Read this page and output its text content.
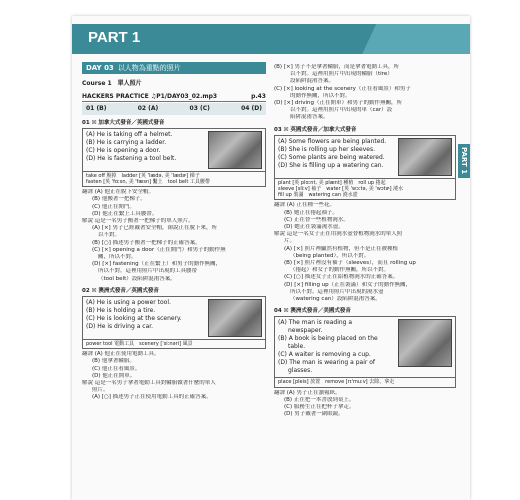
PART 1
PART 1
DAY 03 以人物為重點的照片
Course 1　單人照片
HACKERS PRACTICE ♫P1/DAY03_02.mp3	p.43
01 (B)	02 (A)	03 (C)	04 (D)
01 ☒ 加拿大式發音／英國式發音
(A) He is taking off a helmet.
(B) He is carrying a ladder.
(C) He is opening a door.
(D) He is fastening a tool belt.
take off 脫掉　ladder [英 'lædə, 美 'lædɚ] 梯子
fasten [英 'fɑːsn, 美 'fæsn] 繫上　tool belt 工具腰帶
翻譯 (A) 他正在脫下安全帽。
(B) 他搬著一把梯子。
(C) 他正在開門。
(D) 他正在繫上工具腰帶。
解說 這是一名男子搬著一把梯子的單人照片。
(A) [×] 男子已經戴著安全帽，卻說正在脫下來，所
以不對。
(B) [○] 描述男子搬著一把梯子的正確答案。
(C) [×] opening a door（正在開門）和男子的動作無
關，所以不對。
(D) [×] fastening（正在繫上）和男子的動作無關，
所以不對。這裡用照片中出現的工具腰帶
（tool belt）設陷阱混淆答案。
02 ☒ 澳洲式發音／英國式發音
(A) He is using a power tool.
(B) He is holding a tire.
(C) He is looking at the scenery.
(D) He is driving a car.
power tool 電動工具　scenery [ˈsiːnəri] 風景
翻譯 (A) 他正在使用電動工具。
(B) 他拿著輪胎。
(C) 他正在看風景。
(D) 他正在開車。
解說 這是一名男子拿著電動工具對輪胎做著什麼的單人
照片。
(A) [○] 描述男子正在使用電動工具的正確答案。
(B) [×] 男子不是拿著輪胎，而是拿著電動工具，所
以不對。這裡用照片中出現的輪胎（tire）
設陷阱混淆答案。
(C) [×] looking at the scenery（正在看風景）和男子
的動作無關，所以不對。
(D) [×] driving（正在開車）和男子的動作無關，所
以不對。這裡用照片中出現的車（car）設
陷阱混淆答案。
03 ☒ 英國式發音／加拿大式發音
(A) Some flowers are being planted.
(B) She is rolling up her sleeves.
(C) Some plants are being watered.
(D) She is filling up a watering can.
plant [英 plɑːnt, 美 plænt] 種植　roll up 捲起
sleeve [sliːv] 袖子　water [英 'wɔːtə, 美 'wɔtɚ] 澆水
fill up 裝滿　watering can 澆水壺
翻譯 (A) 正在種一些花。
(B) 她正在捲起袖子。
(C) 正在替一些植物澆水。
(D) 她正在裝滿澆水壺。
解說 這是一名女子正在用澆水壺替植物澆水的單人照
片。
(A) [×] 照片裡顯然有植物，但不是正在被種植
（being planted），所以不對。
(B) [×] 照片裡沒有袖子（sleeves），而且 rolling up
（捲起）和女子的動作無關，所以不對。
(C) [○] 描述女子正在給植物澆水的正確答案。
(D) [×] filling up（正在裝滿）和女子的動作無關，
所以不對。這裡用照片中出現的澆水壺
（watering can）設陷阱混淆答案。
04 ☒ 澳洲式發音／美國式發音
(A) The man is reading a
newspaper.
(B) A book is being placed on the
table.
(C) A waiter is removing a cup.
(D) The man is wearing a pair of
glasses.
place [pleis] 放置　remove [rɪ'muːv] 去除、拿走
翻譯 (A) 男子正在讀報紙。
(B) 正在把一本書放到桌上。
(C) 服務生正在把杯子拿走。
(D) 男子戴著一副眼鏡。
